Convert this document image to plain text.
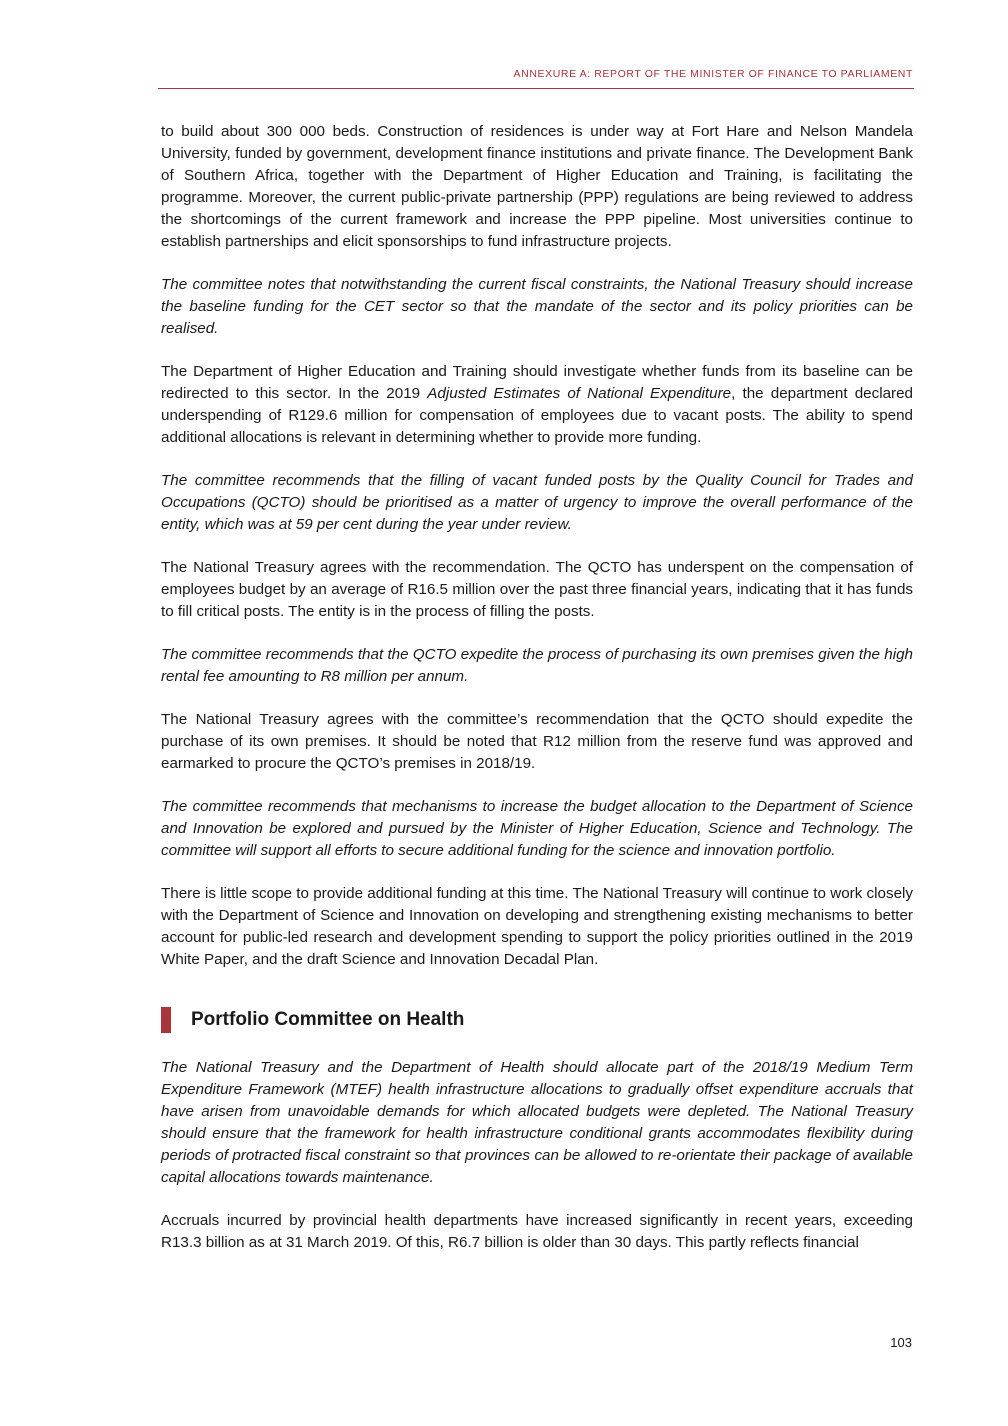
ANNEXURE A: REPORT OF THE MINISTER OF FINANCE TO PARLIAMENT

to build about 300 000 beds. Construction of residences is under way at Fort Hare and Nelson Mandela University, funded by government, development finance institutions and private finance. The Development Bank of Southern Africa, together with the Department of Higher Education and Training, is facilitating the programme. Moreover, the current public-private partnership (PPP) regulations are being reviewed to address the shortcomings of the current framework and increase the PPP pipeline. Most universities continue to establish partnerships and elicit sponsorships to fund infrastructure projects.

The committee notes that notwithstanding the current fiscal constraints, the National Treasury should increase the baseline funding for the CET sector so that the mandate of the sector and its policy priorities can be realised.

The Department of Higher Education and Training should investigate whether funds from its baseline can be redirected to this sector. In the 2019 Adjusted Estimates of National Expenditure, the department declared underspending of R129.6 million for compensation of employees due to vacant posts. The ability to spend additional allocations is relevant in determining whether to provide more funding.

The committee recommends that the filling of vacant funded posts by the Quality Council for Trades and Occupations (QCTO) should be prioritised as a matter of urgency to improve the overall performance of the entity, which was at 59 per cent during the year under review.

The National Treasury agrees with the recommendation. The QCTO has underspent on the compensation of employees budget by an average of R16.5 million over the past three financial years, indicating that it has funds to fill critical posts. The entity is in the process of filling the posts.

The committee recommends that the QCTO expedite the process of purchasing its own premises given the high rental fee amounting to R8 million per annum.

The National Treasury agrees with the committee’s recommendation that the QCTO should expedite the purchase of its own premises. It should be noted that R12 million from the reserve fund was approved and earmarked to procure the QCTO’s premises in 2018/19.

The committee recommends that mechanisms to increase the budget allocation to the Department of Science and Innovation be explored and pursued by the Minister of Higher Education, Science and Technology. The committee will support all efforts to secure additional funding for the science and innovation portfolio.

There is little scope to provide additional funding at this time. The National Treasury will continue to work closely with the Department of Science and Innovation on developing and strengthening existing mechanisms to better account for public-led research and development spending to support the policy priorities outlined in the 2019 White Paper, and the draft Science and Innovation Decadal Plan.

Portfolio Committee on Health

The National Treasury and the Department of Health should allocate part of the 2018/19 Medium Term Expenditure Framework (MTEF) health infrastructure allocations to gradually offset expenditure accruals that have arisen from unavoidable demands for which allocated budgets were depleted. The National Treasury should ensure that the framework for health infrastructure conditional grants accommodates flexibility during periods of protracted fiscal constraint so that provinces can be allowed to re-orientate their package of available capital allocations towards maintenance.

Accruals incurred by provincial health departments have increased significantly in recent years, exceeding R13.3 billion as at 31 March 2019. Of this, R6.7 billion is older than 30 days. This partly reflects financial

103
